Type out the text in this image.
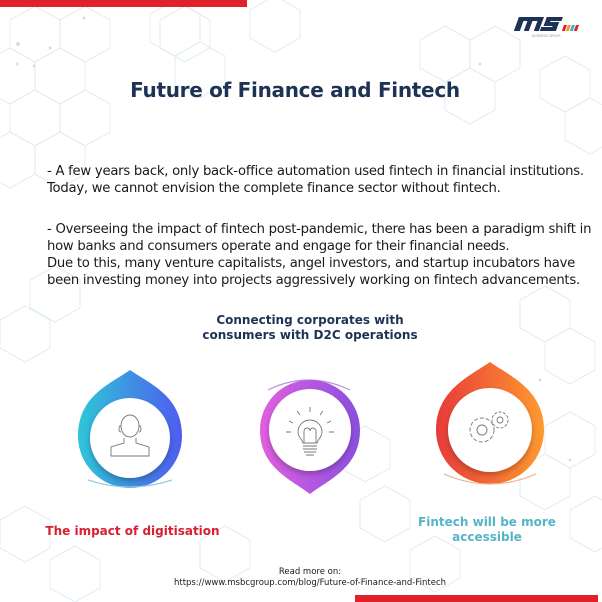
BUSINESS GROUP
Future of Finance and Fintech
- A few years back, only back-office automation used fintech in financial institutions. Today, we cannot envision the complete finance sector without fintech.
- Overseeing the impact of fintech post-pandemic, there has been a paradigm shift in how banks and consumers operate and engage for their financial needs.
Due to this, many venture capitalists, angel investors, and startup incubators have been investing money into projects aggressively working on fintech advancements.
Connecting corporates with consumers with D2C operations
The impact of digitisation
Fintech will be more accessible
Read more on:
https://www.msbcgroup.com/blog/Future-of-Finance-and-Fintech
